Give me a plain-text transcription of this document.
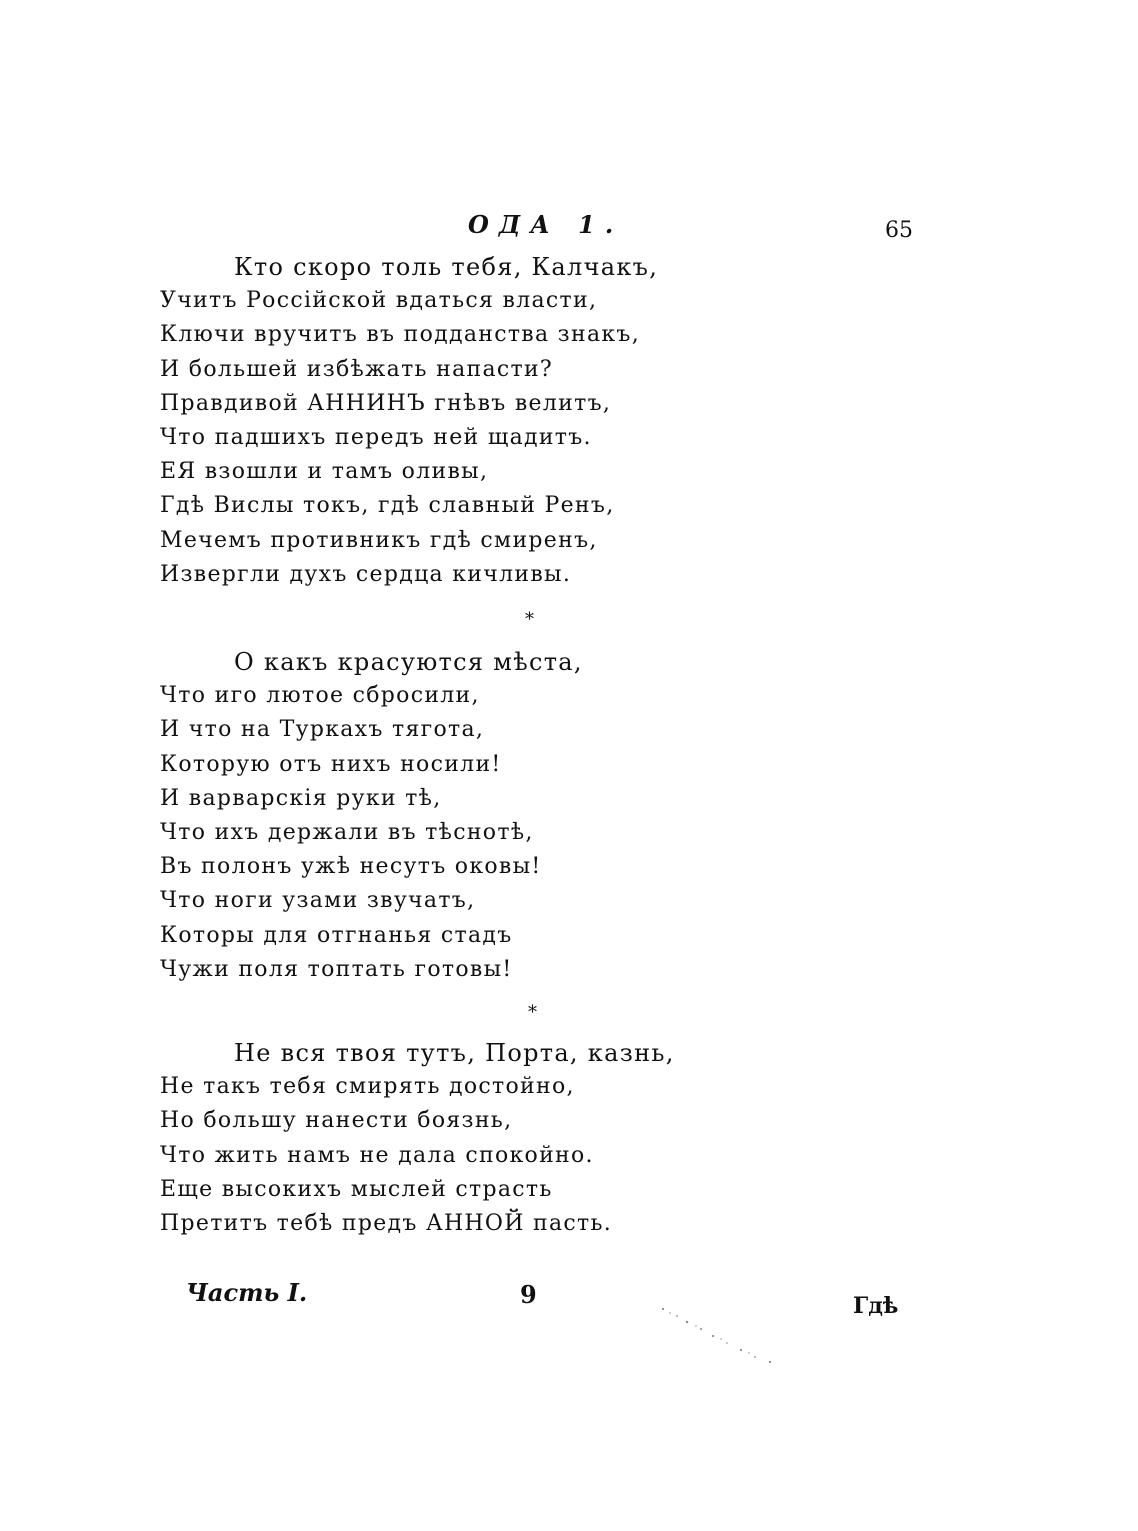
ОДА 1.	65
Кто скоро толь тебя, Калчакъ,
Учитъ Россійской вдаться власти,
Ключи вручитъ въ подданства знакъ,
И большей избѣжать напасти?
Правдивой АННИНЪ гнѣвъ велитъ,
Что падшихъ передъ ней щадитъ.
ЕЯ взошли и тамъ оливы,
Гдѣ Вислы токъ, гдѣ славный Ренъ,
Мечемъ противникъ гдѣ смиренъ,
Извергли духъ сердца кичливы.
*
О какъ красуются мѣста,
Что иго лютое сбросили,
И что на Туркахъ тягота,
Которую отъ нихъ носили!
И варварскія руки тѣ,
Что ихъ держали въ тѣснотѣ,
Въ полонъ ужѣ несутъ оковы!
Что ноги узами звучатъ,
Которы для отгнанья стадъ
Чужи поля топтать готовы!
*
Не вся твоя тутъ, Порта, казнь,
Не такъ тебя смирять достойно,
Но большу нанести боязнь,
Что жить намъ не дала спокойно.
Еще высокихъ мыслей страсть
Претитъ тебѣ предъ АННОЙ пасть.
Часть I.	9	Гдѣ
